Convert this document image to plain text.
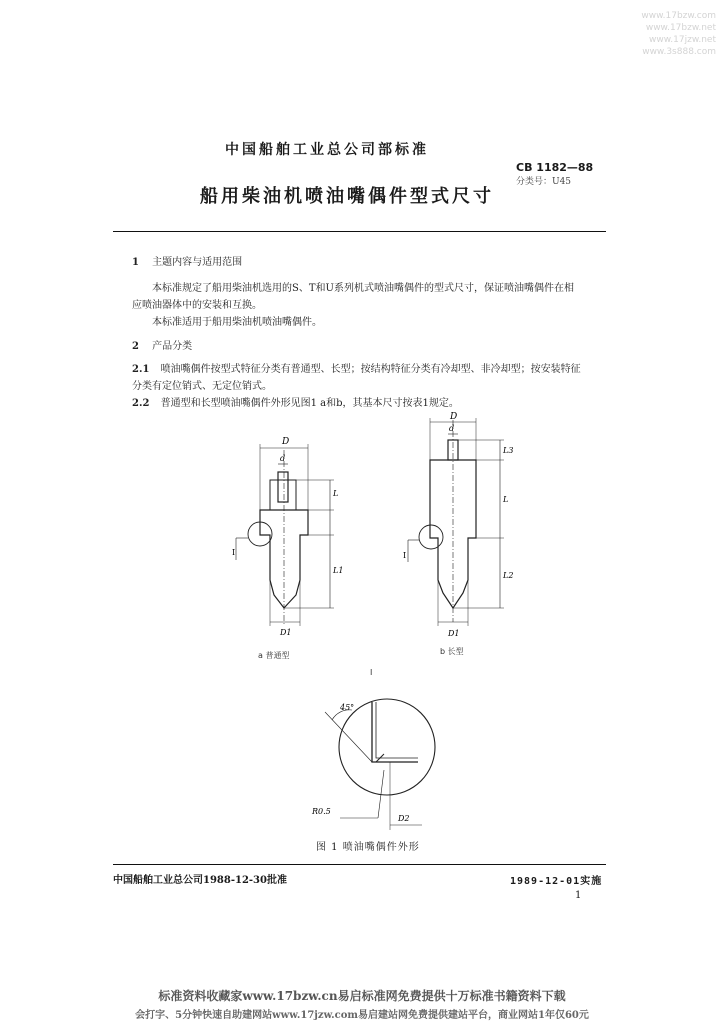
www.17bzw.com
www.17bzw.net
www.17jzw.net
www.3s888.com
中国船舶工业总公司部标准
CB 1182—88
分类号：U45
船用柴油机喷油嘴偶件型式尺寸
1 主题内容与适用范围
本标准规定了船用柴油机选用的S、T和U系列机式喷油嘴偶件的型式尺寸，保证喷油嘴偶件在相
应喷油器体中的安装和互换。
本标准适用于船用柴油机喷油嘴偶件。
2 产品分类
2.1 喷油嘴偶件按型式特征分类有普通型、长型；按结构特征分类有冷却型、非冷却型；按安装特征
分类有定位销式、无定位销式。
2.2 普通型和长型喷油嘴偶件外形见图1 a和b，其基本尺寸按表1规定。
D
d
L
L1
D1
I
a 普通型
D
d
L3
L
L2
D1
I
b 长型
I
45°
R0.5
D2
图 1 喷油嘴偶件外形
中国船舶工业总公司1988-12-30批准	1989-12-01实施
1
标准资料收藏家www.17bzw.cn易启标准网免费提供十万标准书籍资料下载
会打字、5分钟快速自助建网站www.17jzw.com易启建站网免费提供建站平台，商业网站1年仅60元
